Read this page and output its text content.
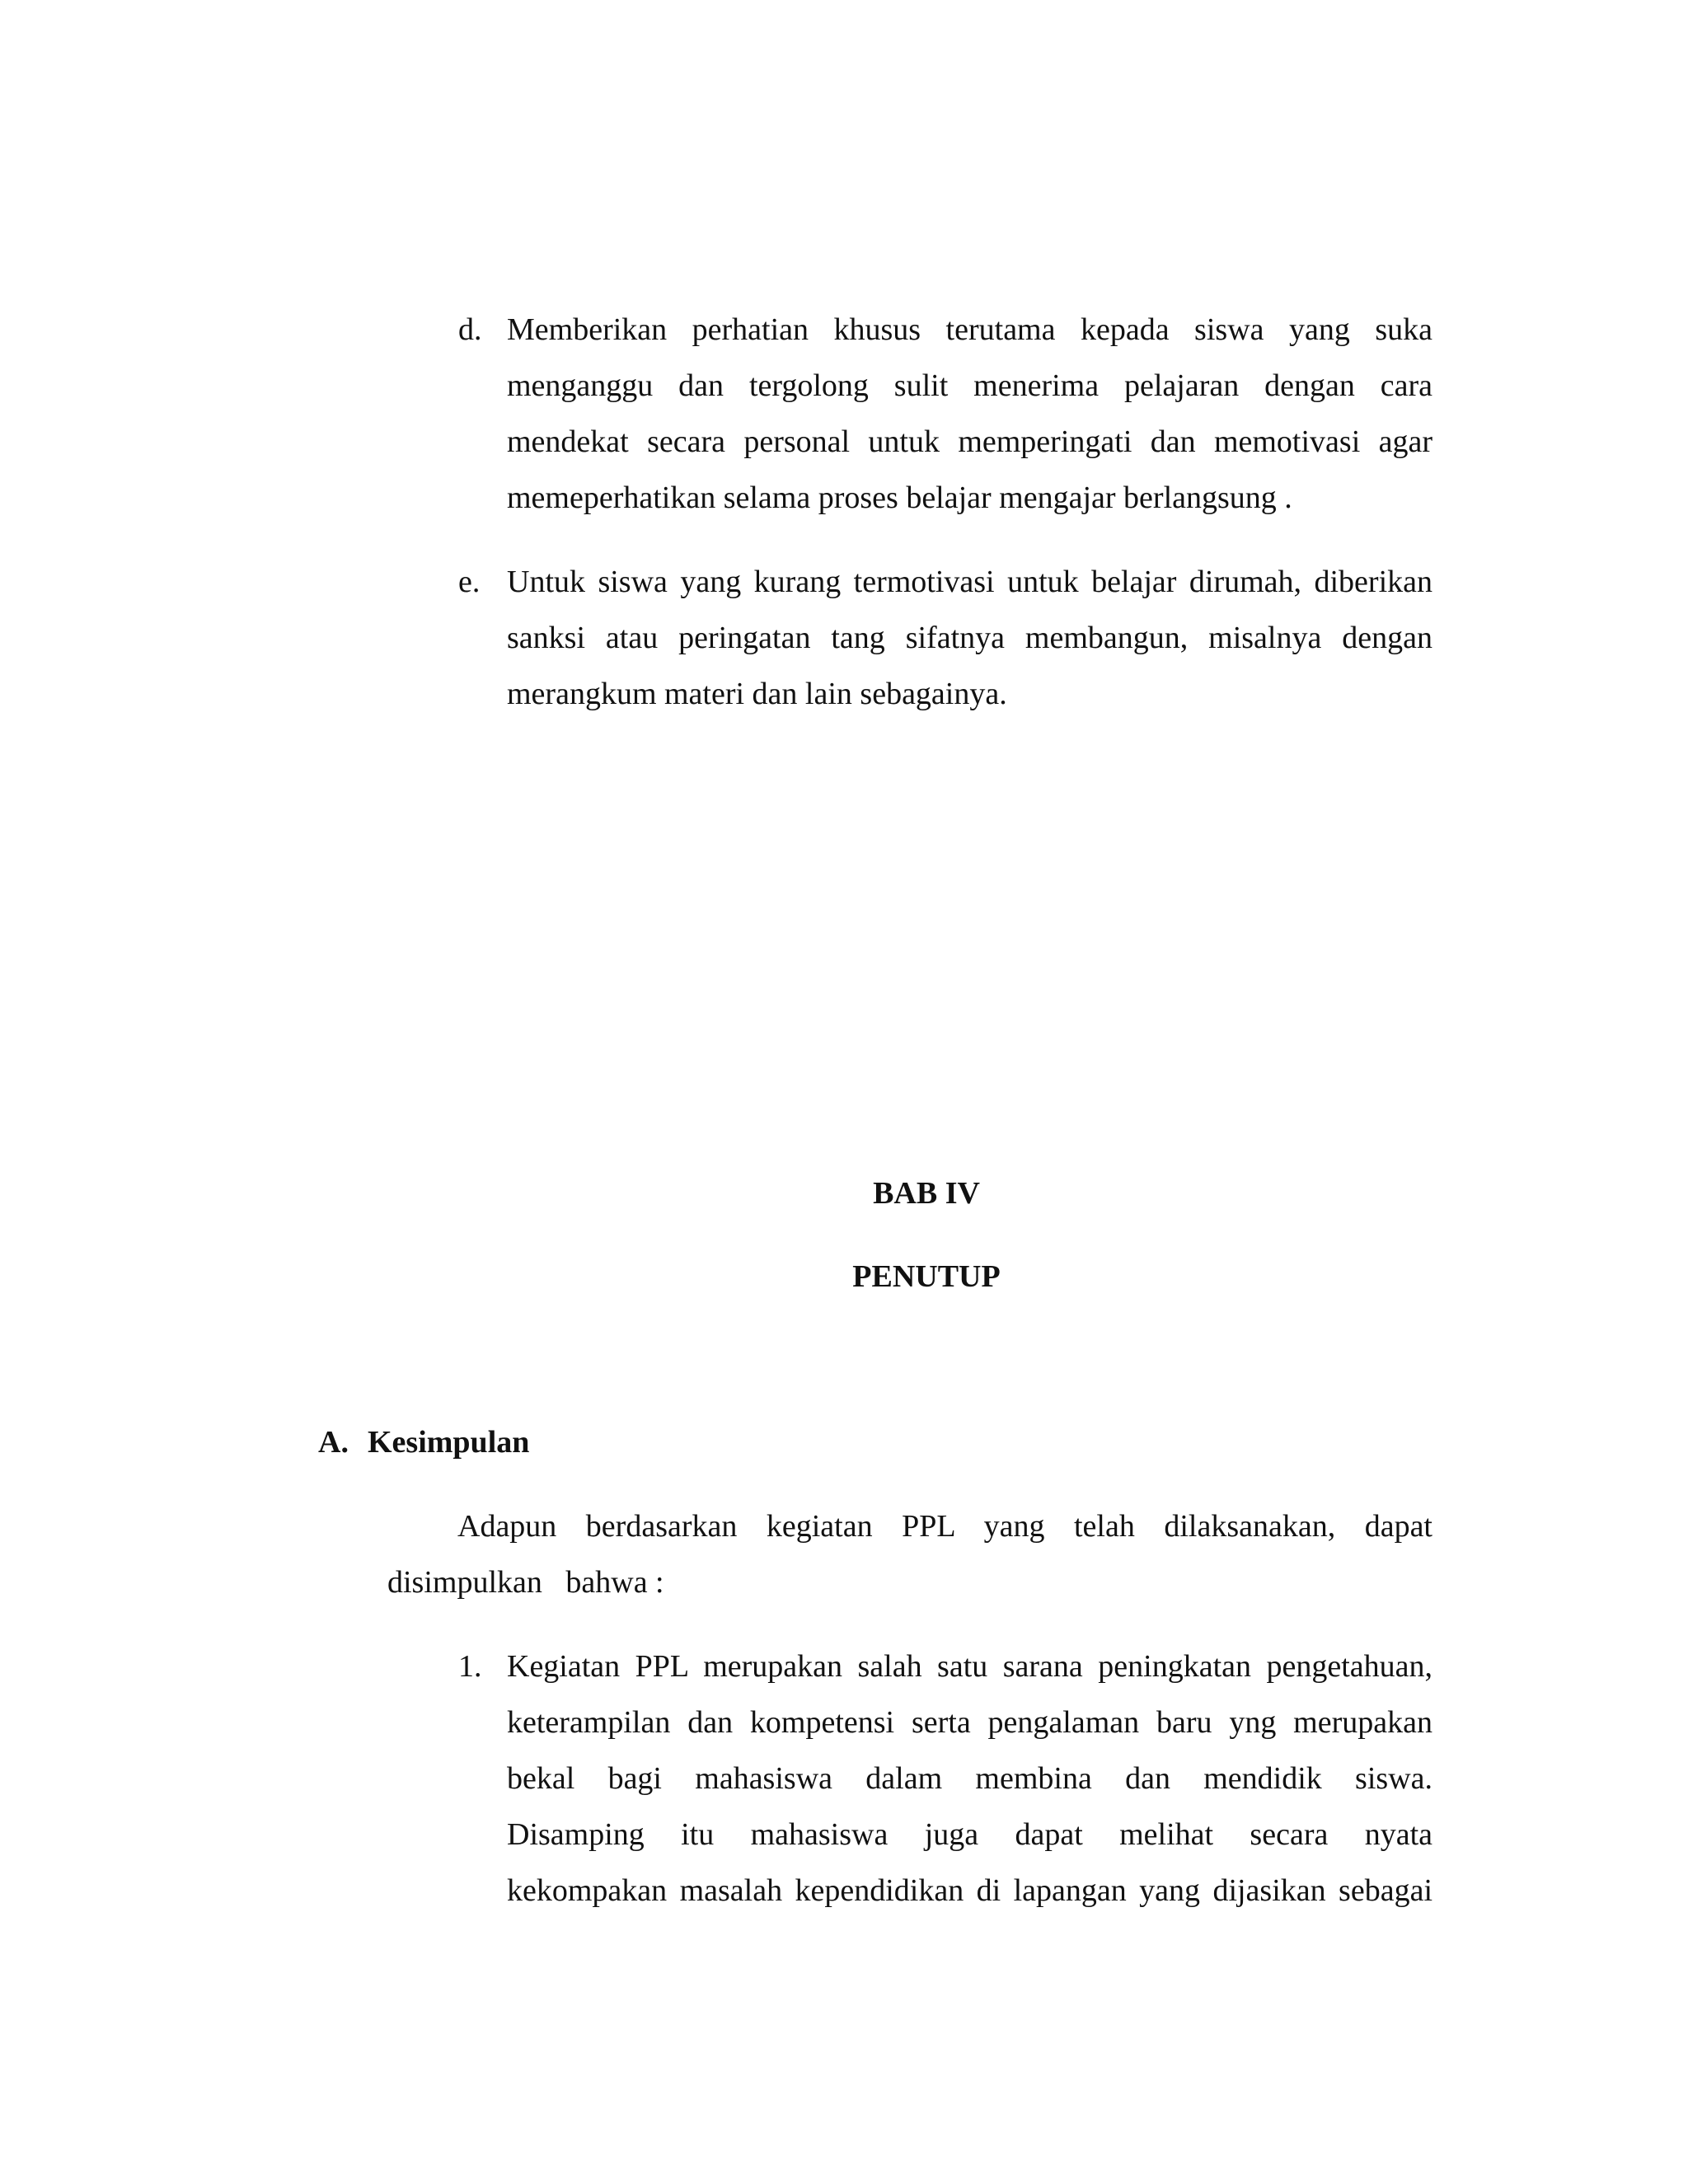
d. Memberikan perhatian khusus terutama kepada siswa yang suka
menganggu dan tergolong sulit menerima pelajaran dengan cara
mendekat secara personal untuk memperingati dan memotivasi agar
memeperhatikan selama proses belajar mengajar berlangsung .
e. Untuk siswa yang kurang termotivasi untuk belajar dirumah, diberikan
sanksi atau peringatan tang sifatnya membangun, misalnya dengan
merangkum materi dan lain sebagainya.
BAB IV
PENUTUP
A. Kesimpulan
Adapun berdasarkan kegiatan PPL yang telah dilaksanakan, dapat
disimpulkan   bahwa :
1. Kegiatan PPL merupakan salah satu sarana peningkatan pengetahuan,
keterampilan dan kompetensi serta pengalaman baru yng merupakan
bekal bagi mahasiswa dalam membina dan mendidik siswa.
Disamping itu mahasiswa juga dapat melihat secara nyata
kekompakan masalah kependidikan di lapangan yang dijasikan sebagai
